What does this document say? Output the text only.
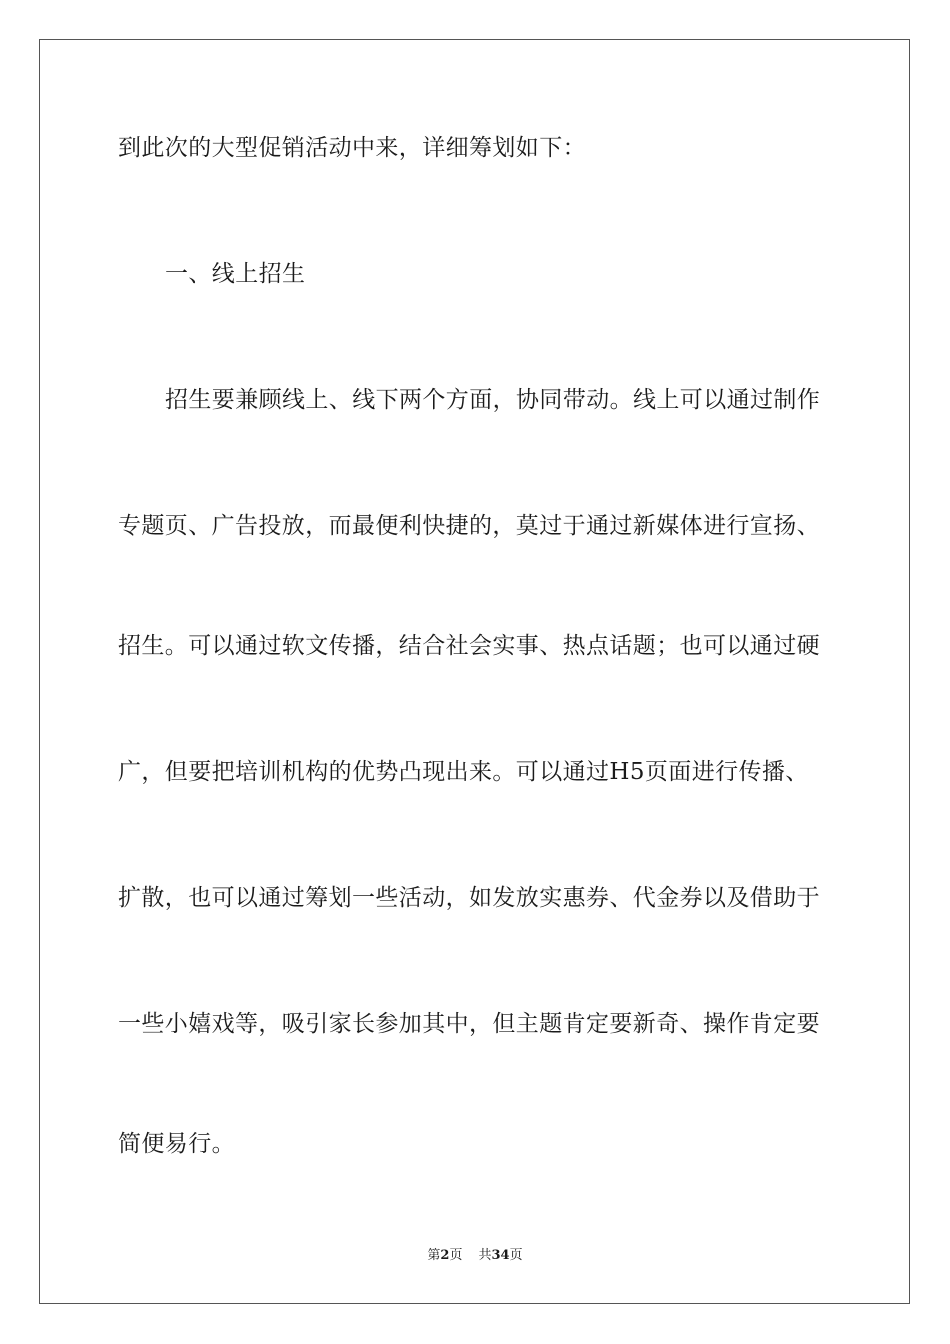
到此次的大型促销活动中来，详细筹划如下：
一、线上招生
招生要兼顾线上、线下两个方面，协同带动。线上可以通过制作
专题页、广告投放，而最便利快捷的，莫过于通过新媒体进行宣扬、
招生。可以通过软文传播，结合社会实事、热点话题；也可以通过硬
广，但要把培训机构的优势凸现出来。可以通过H5页面进行传播、
扩散，也可以通过筹划一些活动，如发放实惠券、代金券以及借助于
一些小嬉戏等，吸引家长参加其中，但主题肯定要新奇、操作肯定要
简便易行。
第2页 共34页
